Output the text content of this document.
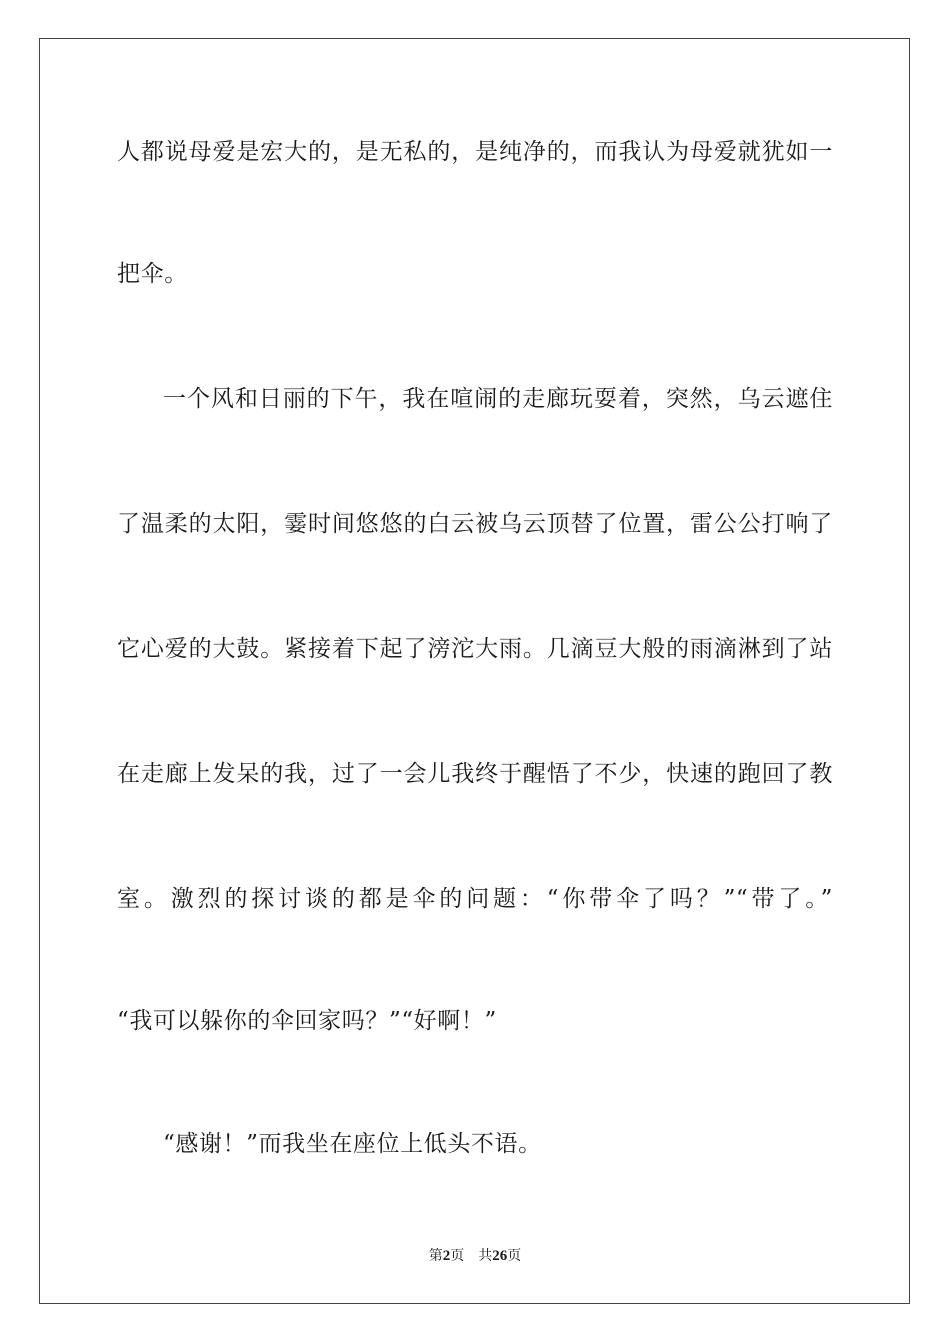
人都说母爱是宏大的，是无私的，是纯净的，而我认为母爱就犹如一
把伞。
一个风和日丽的下午，我在喧闹的走廊玩耍着，突然，乌云遮住
了温柔的太阳，霎时间悠悠的白云被乌云顶替了位置，雷公公打响了
它心爱的大鼓。紧接着下起了滂沱大雨。几滴豆大般的雨滴淋到了站
在走廊上发呆的我，过了一会儿我终于醒悟了不少，快速的跑回了教
室。激烈的探讨谈的都是伞的问题：“你带伞了吗？”“带了。”
“我可以躲你的伞回家吗？”“好啊！”
“感谢！”而我坐在座位上低头不语。
第2页 共26页
